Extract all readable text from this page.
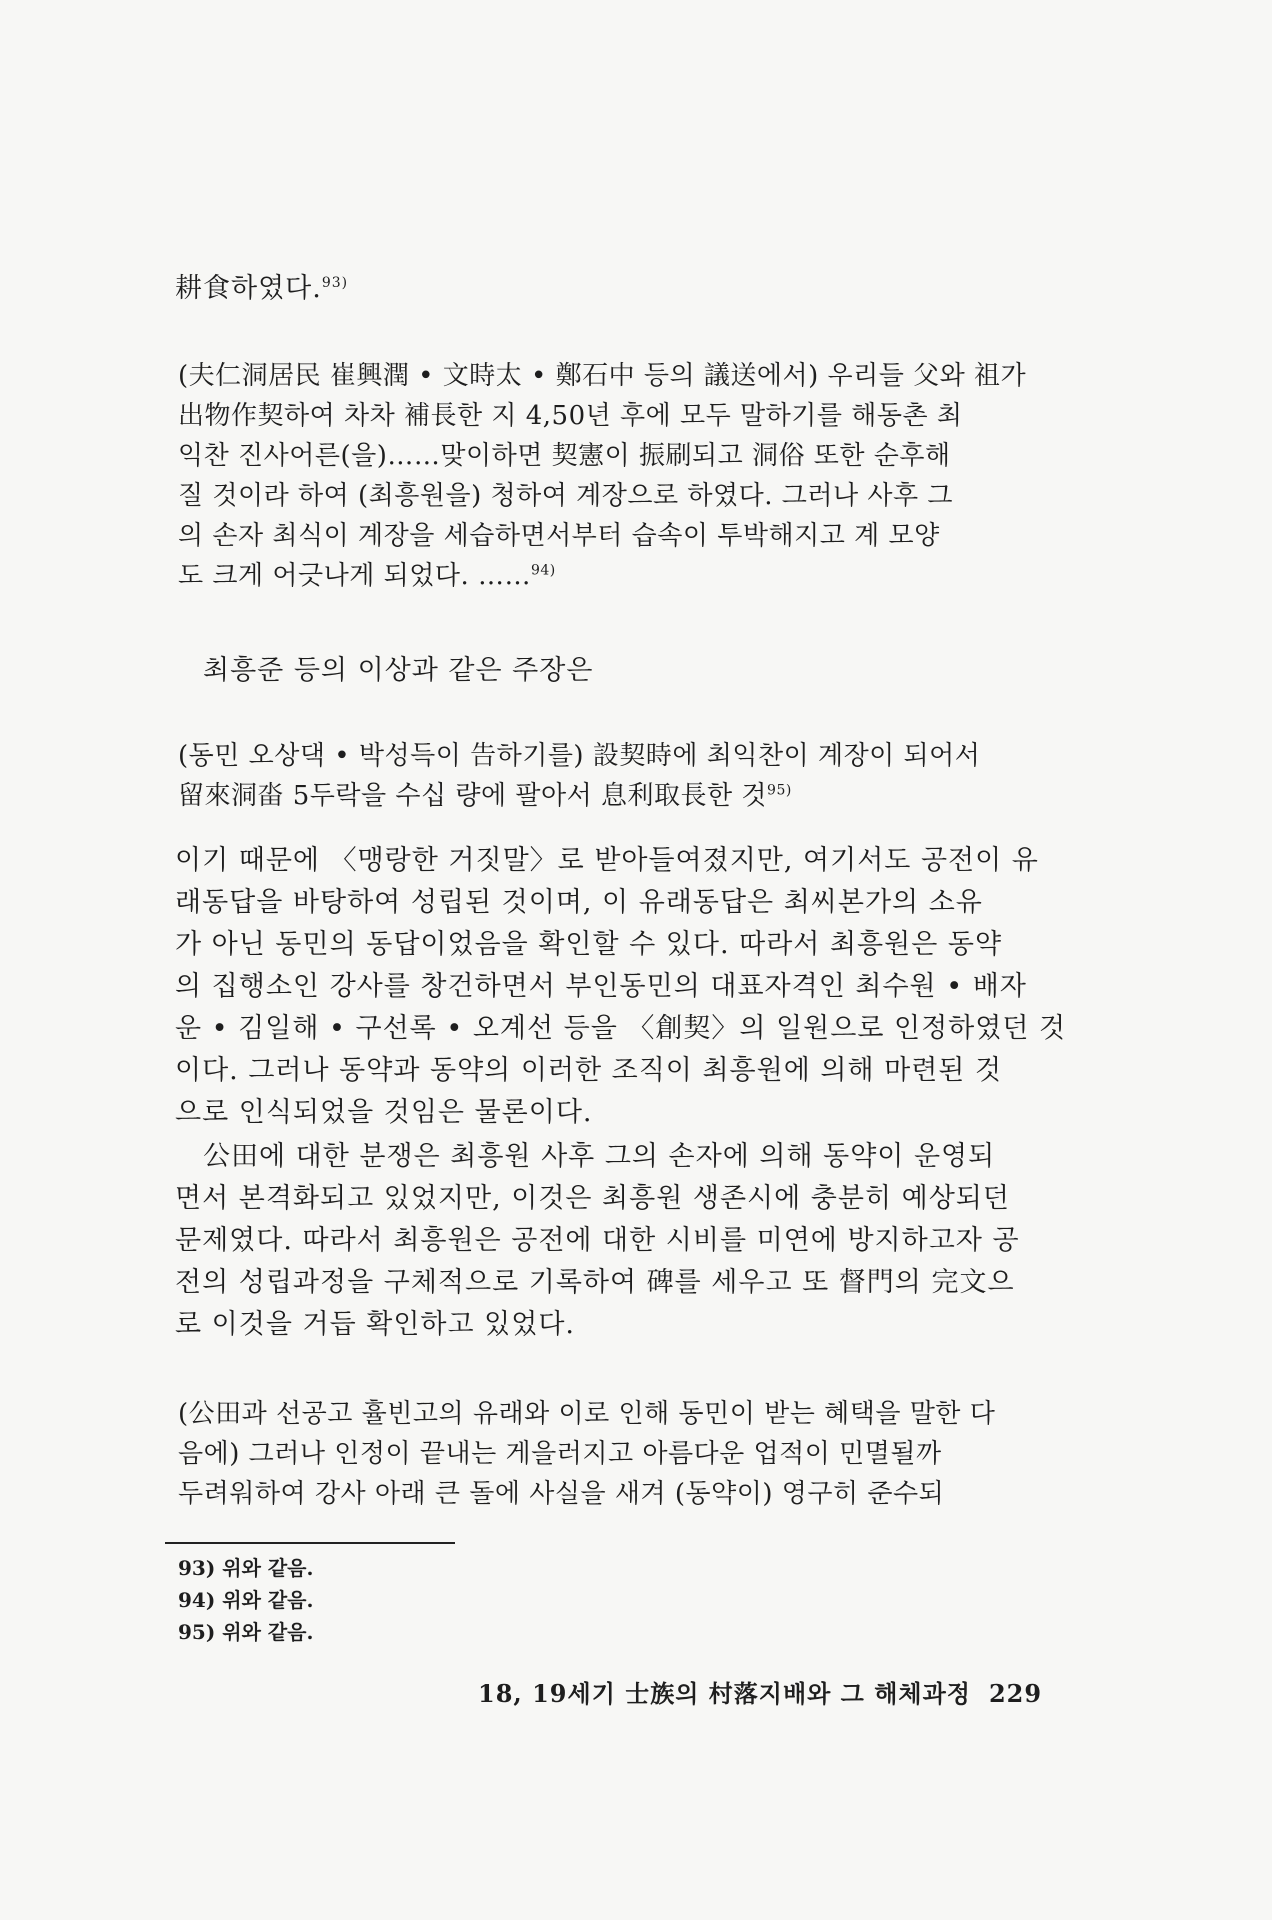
耕食하였다.$^{93)}$
(夫仁洞居民 崔興潤 • 文時太 • 鄭石中 등의 議送에서) 우리들 父와 祖가
出物作契하여 차차 補長한 지 4,50년 후에 모두 말하기를 해동촌 최
익찬 진사어른(을)……맞이하면 契憲이 振刷되고 洞俗 또한 순후해
질 것이라 하여 (최흥원을) 청하여 계장으로 하였다. 그러나 사후 그
의 손자 최식이 계장을 세습하면서부터 습속이 투박해지고 계 모양
도 크게 어긋나게 되었다. ……$^{94)}$
최흥준 등의 이상과 같은 주장은
(동민 오상댁 • 박성득이 告하기를) 設契時에 최익찬이 계장이 되어서
留來洞畓 5두락을 수십 량에 팔아서 息利取長한 것$^{95)}$
이기 때문에 〈맹랑한 거짓말〉로 받아들여졌지만, 여기서도 공전이 유
래동답을 바탕하여 성립된 것이며, 이 유래동답은 최씨본가의 소유
가 아닌 동민의 동답이었음을 확인할 수 있다. 따라서 최흥원은 동약
의 집행소인 강사를 창건하면서 부인동민의 대표자격인 최수원 • 배자
운 • 김일해 • 구선록 • 오계선 등을 〈創契〉의 일원으로 인정하였던 것
이다. 그러나 동약과 동약의 이러한 조직이 최흥원에 의해 마련된 것
으로 인식되었을 것임은 물론이다.
公田에 대한 분쟁은 최흥원 사후 그의 손자에 의해 동약이 운영되
면서 본격화되고 있었지만, 이것은 최흥원 생존시에 충분히 예상되던
문제였다. 따라서 최흥원은 공전에 대한 시비를 미연에 방지하고자 공
전의 성립과정을 구체적으로 기록하여 碑를 세우고 또 督門의 完文으
로 이것을 거듭 확인하고 있었다.
(公田과 선공고 휼빈고의 유래와 이로 인해 동민이 받는 혜택을 말한 다
음에) 그러나 인정이 끝내는 게을러지고 아름다운 업적이 민멸될까
두려워하여 강사 아래 큰 돌에 사실을 새겨 (동약이) 영구히 준수되
93) 위와 같음.
94) 위와 같음.
95) 위와 같음.
18, 19세기 士族의 村落지배와 그 해체과정 229
